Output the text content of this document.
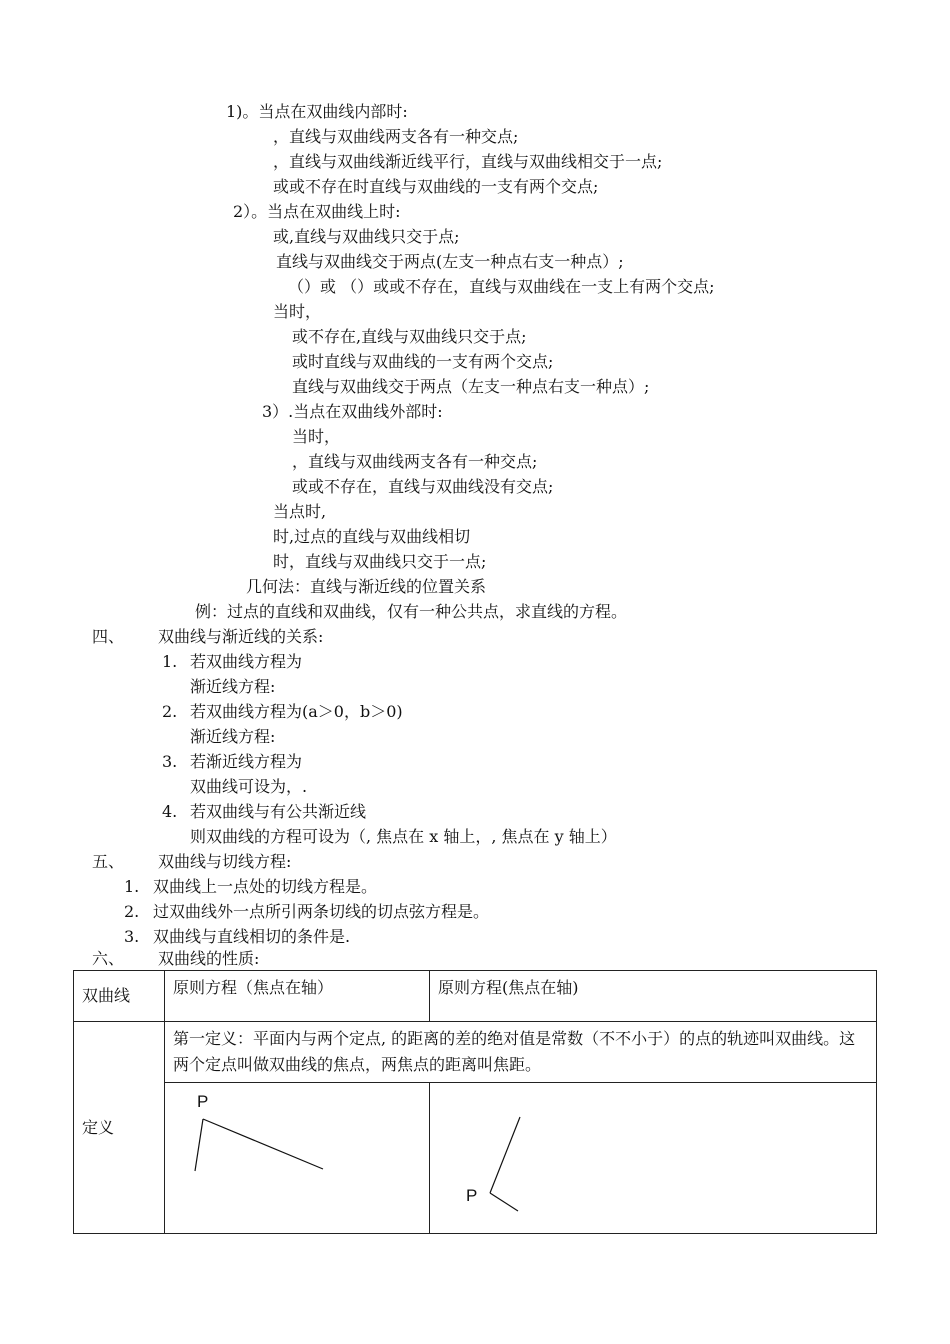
1)。当点在双曲线内部时:
，直线与双曲线两支各有一种交点;
，直线与双曲线渐近线平行，直线与双曲线相交于一点;
或或不存在时直线与双曲线的一支有两个交点;
2）。当点在双曲线上时:
或,直线与双曲线只交于点;
直线与双曲线交于两点(左支一种点右支一种点）;
（）或 （）或或不存在，直线与双曲线在一支上有两个交点;
当时，
或不存在,直线与双曲线只交于点;
或时直线与双曲线的一支有两个交点;
直线与双曲线交于两点（左支一种点右支一种点）;
3）.当点在双曲线外部时:
当时，
，直线与双曲线两支各有一种交点;
或或不存在，直线与双曲线没有交点;
当点时,
时,过点的直线与双曲线相切
时，直线与双曲线只交于一点;
几何法：直线与渐近线的位置关系
例：过点的直线和双曲线，仅有一种公共点，求直线的方程。
四、 双曲线与渐近线的关系:
1. 若双曲线方程为
渐近线方程:
2. 若双曲线方程为(a＞0，b＞0)
渐近线方程:
3. 若渐近线方程为
双曲线可设为，.
4. 若双曲线与有公共渐近线
则双曲线的方程可设为（, 焦点在 x 轴上，, 焦点在 y 轴上）
五、 双曲线与切线方程:
1. 双曲线上一点处的切线方程是。
2. 过双曲线外一点所引两条切线的切点弦方程是。
3. 双曲线与直线相切的条件是.
六、 双曲线的性质:
双曲线	原则方程（焦点在轴）	原则方程(焦点在轴)
定义	第一定义：平面内与两个定点, 的距离的差的绝对值是常数（不不小于）的点的轨迹叫双曲线。这两个定点叫做双曲线的焦点，两焦点的距离叫焦距。	

	P	P
